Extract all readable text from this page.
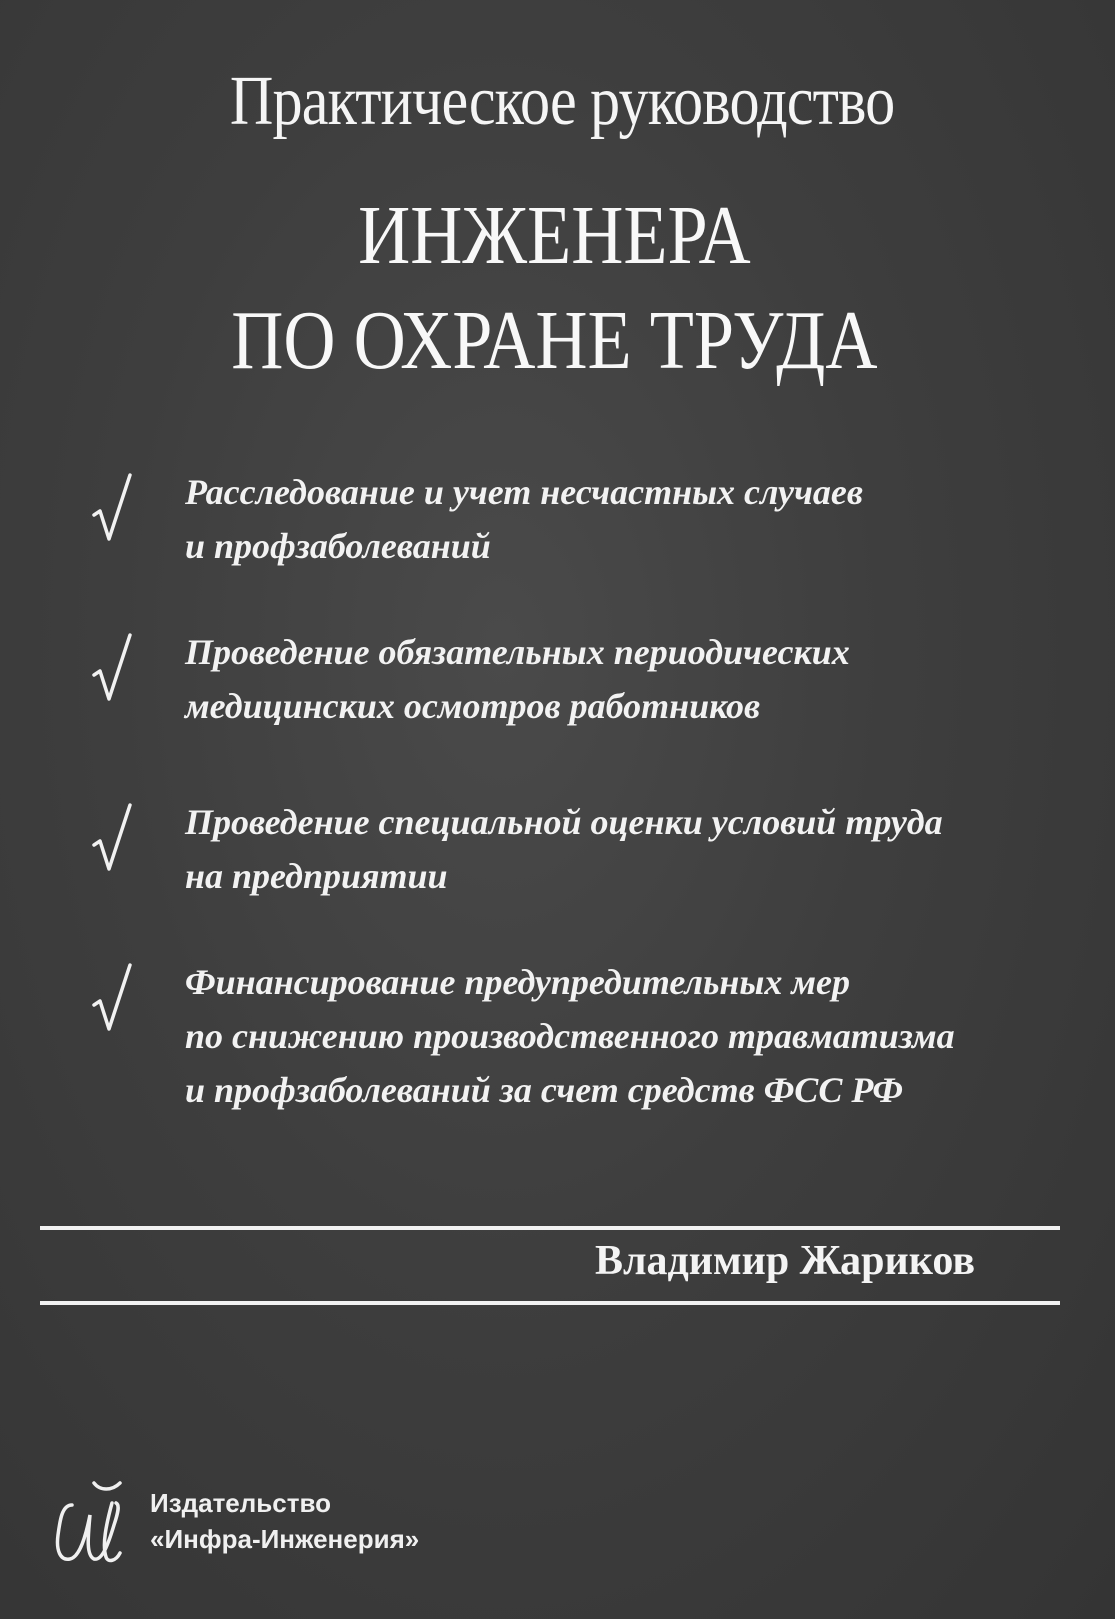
Практическое руководство
ИНЖЕНЕРА
ПО ОХРАНЕ ТРУДА

Расследование и учет несчастных случаев
и профзаболеваний

Проведение обязательных периодических
медицинских осмотров работников

Проведение специальной оценки условий труда
на предприятии

Финансирование предупредительных мер
по снижению производственного травматизма
и профзаболеваний за счет средств ФСС РФ

Владимир Жариков

Издательство
«Инфра-Инженерия»
